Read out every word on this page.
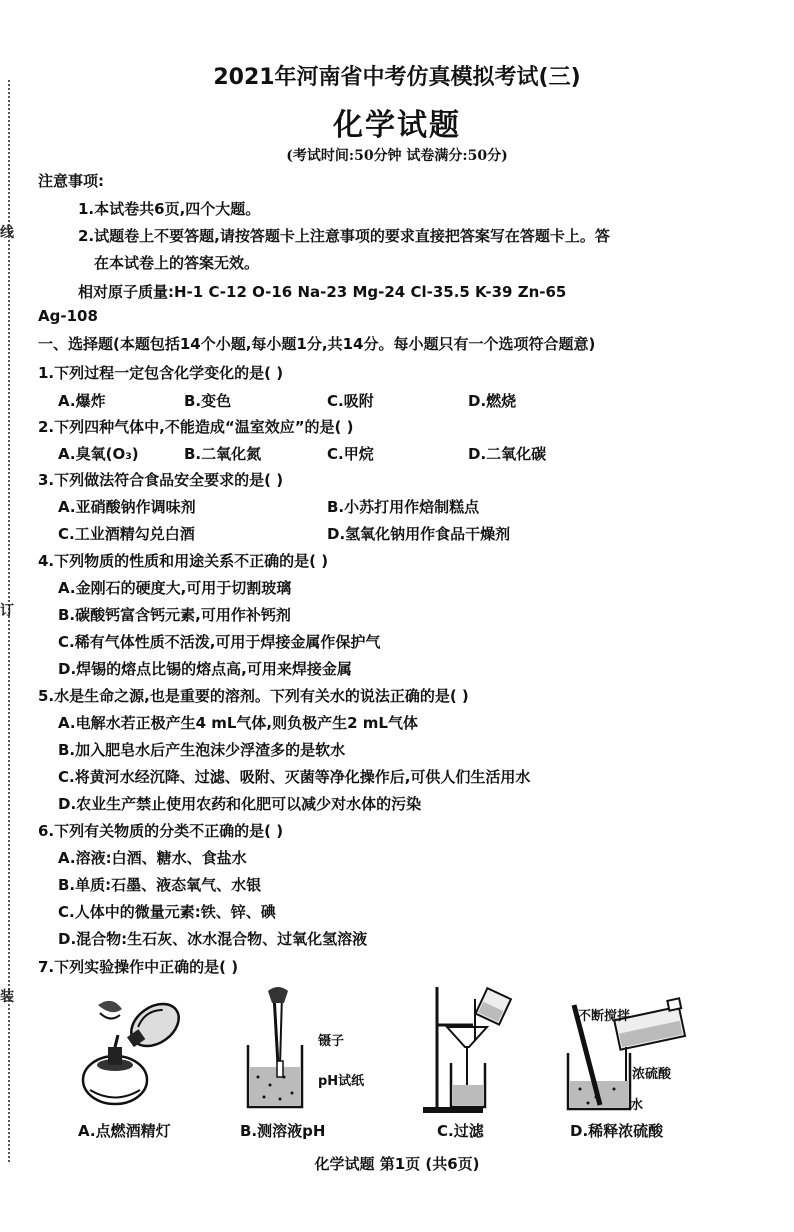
线
订
装
2021年河南省中考仿真模拟考试(三)
化学试题
(考试时间:50分钟 试卷满分:50分)
注意事项:
1.本试卷共6页,四个大题。
2.试题卷上不要答题,请按答题卡上注意事项的要求直接把答案写在答题卡上。答
在本试卷上的答案无效。
相对原子质量:H-1 C-12 O-16 Na-23 Mg-24 Cl-35.5 K-39 Zn-65
Ag-108
一、选择题(本题包括14个小题,每小题1分,共14分。每小题只有一个选项符合题意)
1.下列过程一定包含化学变化的是( )
A.爆炸	B.变色	C.吸附	D.燃烧
2.下列四种气体中,不能造成“温室效应”的是( )
A.臭氧(O₃)	B.二氧化氮	C.甲烷	D.二氧化碳
3.下列做法符合食品安全要求的是( )
A.亚硝酸钠作调味剂	B.小苏打用作焙制糕点
C.工业酒精勾兑白酒	D.氢氧化钠用作食品干燥剂
4.下列物质的性质和用途关系不正确的是( )
A.金刚石的硬度大,可用于切割玻璃
B.碳酸钙富含钙元素,可用作补钙剂
C.稀有气体性质不活泼,可用于焊接金属作保护气
D.焊锡的熔点比锡的熔点高,可用来焊接金属
5.水是生命之源,也是重要的溶剂。下列有关水的说法正确的是( )
A.电解水若正极产生4 mL气体,则负极产生2 mL气体
B.加入肥皂水后产生泡沫少浮渣多的是软水
C.将黄河水经沉降、过滤、吸附、灭菌等净化操作后,可供人们生活用水
D.农业生产禁止使用农药和化肥可以减少对水体的污染
6.下列有关物质的分类不正确的是( )
A.溶液:白酒、糖水、食盐水
B.单质:石墨、液态氧气、水银
C.人体中的微量元素:铁、锌、碘
D.混合物:生石灰、冰水混合物、过氧化氢溶液
7.下列实验操作中正确的是( )
镊子
pH试纸
不断搅拌
浓硫酸
水
A.点燃酒精灯	B.测溶液pH	C.过滤	D.稀释浓硫酸
化学试题 第1页 (共6页)
